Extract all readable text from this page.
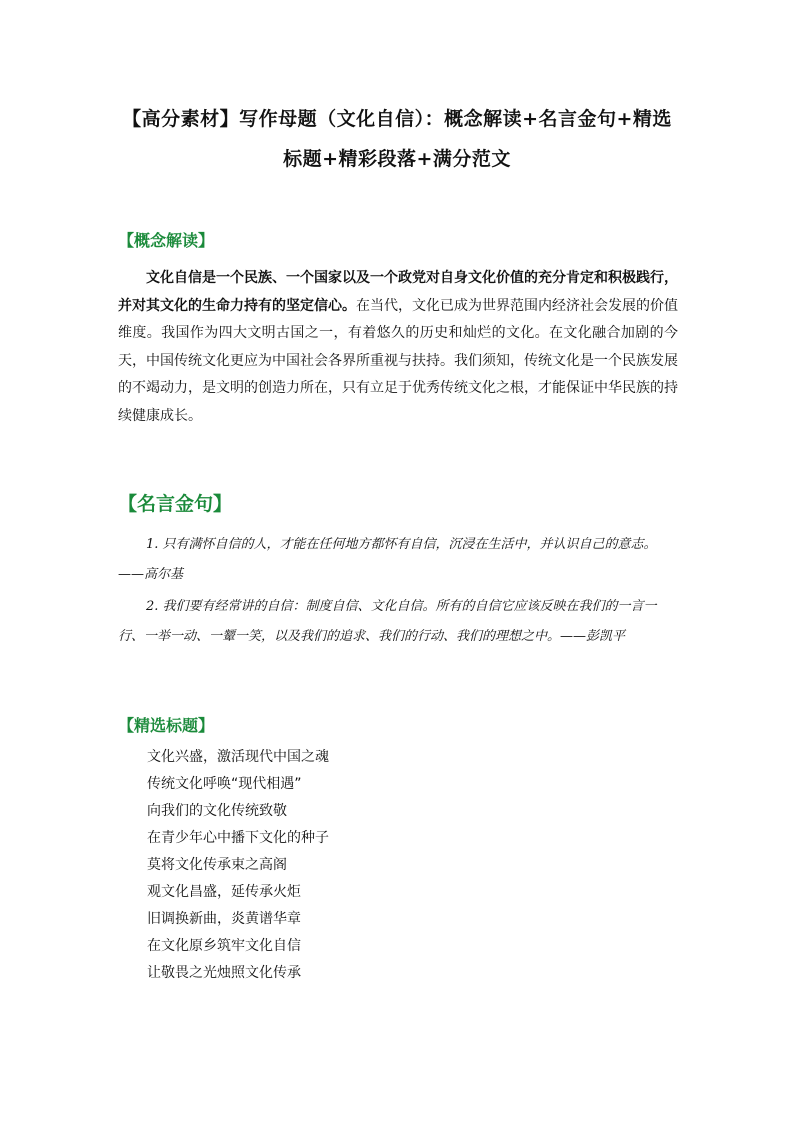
【高分素材】写作母题（文化自信）：概念解读+名言金句+精选
标题+精彩段落+满分范文
【概念解读】
文化自信是一个民族、一个国家以及一个政党对自身文化价值的充分肯定和积极践行，并对其文化的生命力持有的坚定信心。在当代，文化已成为世界范围内经济社会发展的价值维度。我国作为四大文明古国之一，有着悠久的历史和灿烂的文化。在文化融合加剧的今天，中国传统文化更应为中国社会各界所重视与扶持。我们须知，传统文化是一个民族发展的不竭动力，是文明的创造力所在，只有立足于优秀传统文化之根，才能保证中华民族的持续健康成长。
【名言金句】
1. 只有满怀自信的人，才能在任何地方都怀有自信，沉浸在生活中，并认识自己的意志。——高尔基
2. 我们要有经常讲的自信：制度自信、文化自信。所有的自信它应该反映在我们的一言一行、一举一动、一颦一笑，以及我们的追求、我们的行动、我们的理想之中。——彭凯平
【精选标题】
文化兴盛，激活现代中国之魂
传统文化呼唤“现代相遇”
向我们的文化传统致敬
在青少年心中播下文化的种子
莫将文化传承束之高阁
观文化昌盛，延传承火炬
旧调换新曲，炎黄谱华章
在文化原乡筑牢文化自信
让敬畏之光烛照文化传承
